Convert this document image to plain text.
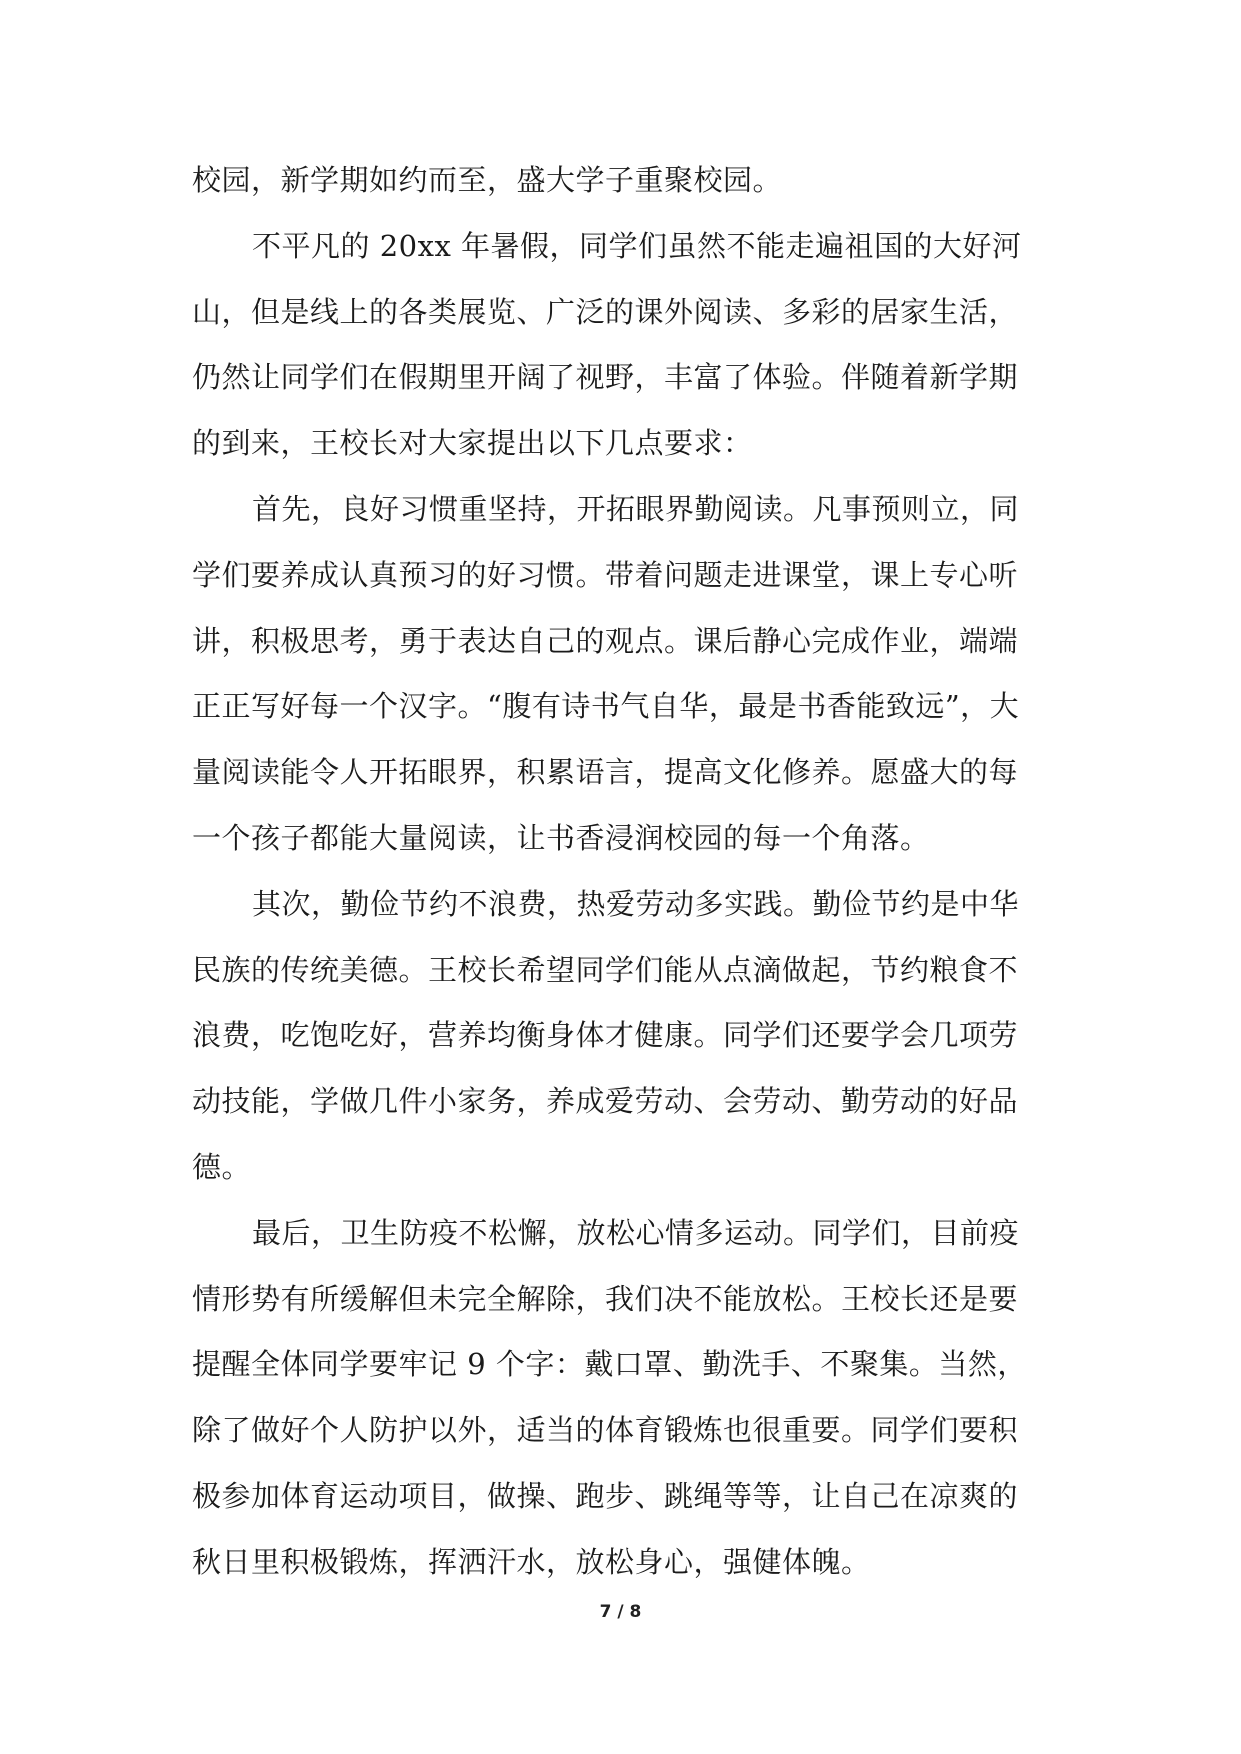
校园，新学期如约而至，盛大学子重聚校园。
不平凡的 20xx 年暑假，同学们虽然不能走遍祖国的大好河
山，但是线上的各类展览、广泛的课外阅读、多彩的居家生活，
仍然让同学们在假期里开阔了视野，丰富了体验。伴随着新学期
的到来，王校长对大家提出以下几点要求：
首先，良好习惯重坚持，开拓眼界勤阅读。凡事预则立，同
学们要养成认真预习的好习惯。带着问题走进课堂，课上专心听
讲，积极思考，勇于表达自己的观点。课后静心完成作业，端端
正正写好每一个汉字。“腹有诗书气自华，最是书香能致远”，大
量阅读能令人开拓眼界，积累语言，提高文化修养。愿盛大的每
一个孩子都能大量阅读，让书香浸润校园的每一个角落。
其次，勤俭节约不浪费，热爱劳动多实践。勤俭节约是中华
民族的传统美德。王校长希望同学们能从点滴做起，节约粮食不
浪费，吃饱吃好，营养均衡身体才健康。同学们还要学会几项劳
动技能，学做几件小家务，养成爱劳动、会劳动、勤劳动的好品
德。
最后，卫生防疫不松懈，放松心情多运动。同学们，目前疫
情形势有所缓解但未完全解除，我们决不能放松。王校长还是要
提醒全体同学要牢记 9 个字：戴口罩、勤洗手、不聚集。当然，
除了做好个人防护以外，适当的体育锻炼也很重要。同学们要积
极参加体育运动项目，做操、跑步、跳绳等等，让自己在凉爽的
秋日里积极锻炼，挥洒汗水，放松身心，强健体魄。
7 / 8
